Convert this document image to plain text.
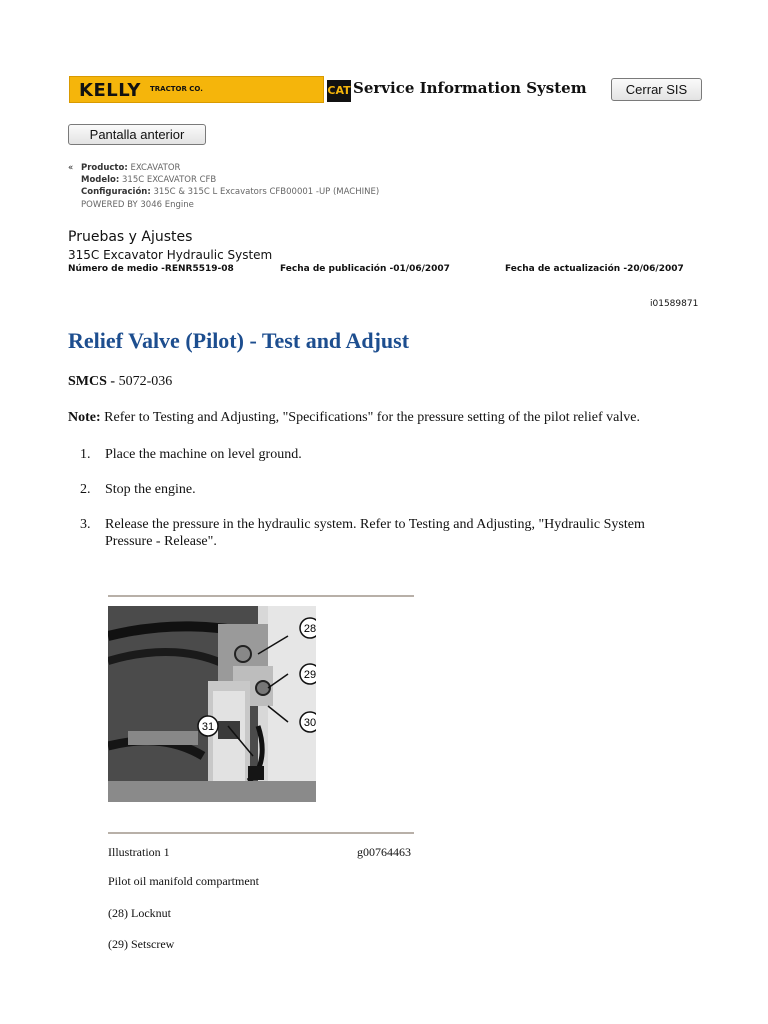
KELLY TRACTOR CO.	CAT Service Information System	Cerrar SIS
Pantalla anterior
« Producto: EXCAVATOR
Modelo: 315C EXCAVATOR CFB
Configuración: 315C & 315C L Excavators CFB00001 -UP (MACHINE)
POWERED BY 3046 Engine
Pruebas y Ajustes
315C Excavator Hydraulic System
Número de medio -RENR5519-08	Fecha de publicación -01/06/2007	Fecha de actualización -20/06/2007
i01589871
Relief Valve (Pilot) - Test and Adjust
SMCS - 5072-036
Note: Refer to Testing and Adjusting, "Specifications" for the pressure setting of the pilot relief valve.
1. Place the machine on level ground.
2. Stop the engine.
3. Release the pressure in the hydraulic system. Refer to Testing and Adjusting, "Hydraulic System Pressure - Release".
28
29
30
31
Illustration 1	g00764463
Pilot oil manifold compartment
(28) Locknut
(29) Setscrew
